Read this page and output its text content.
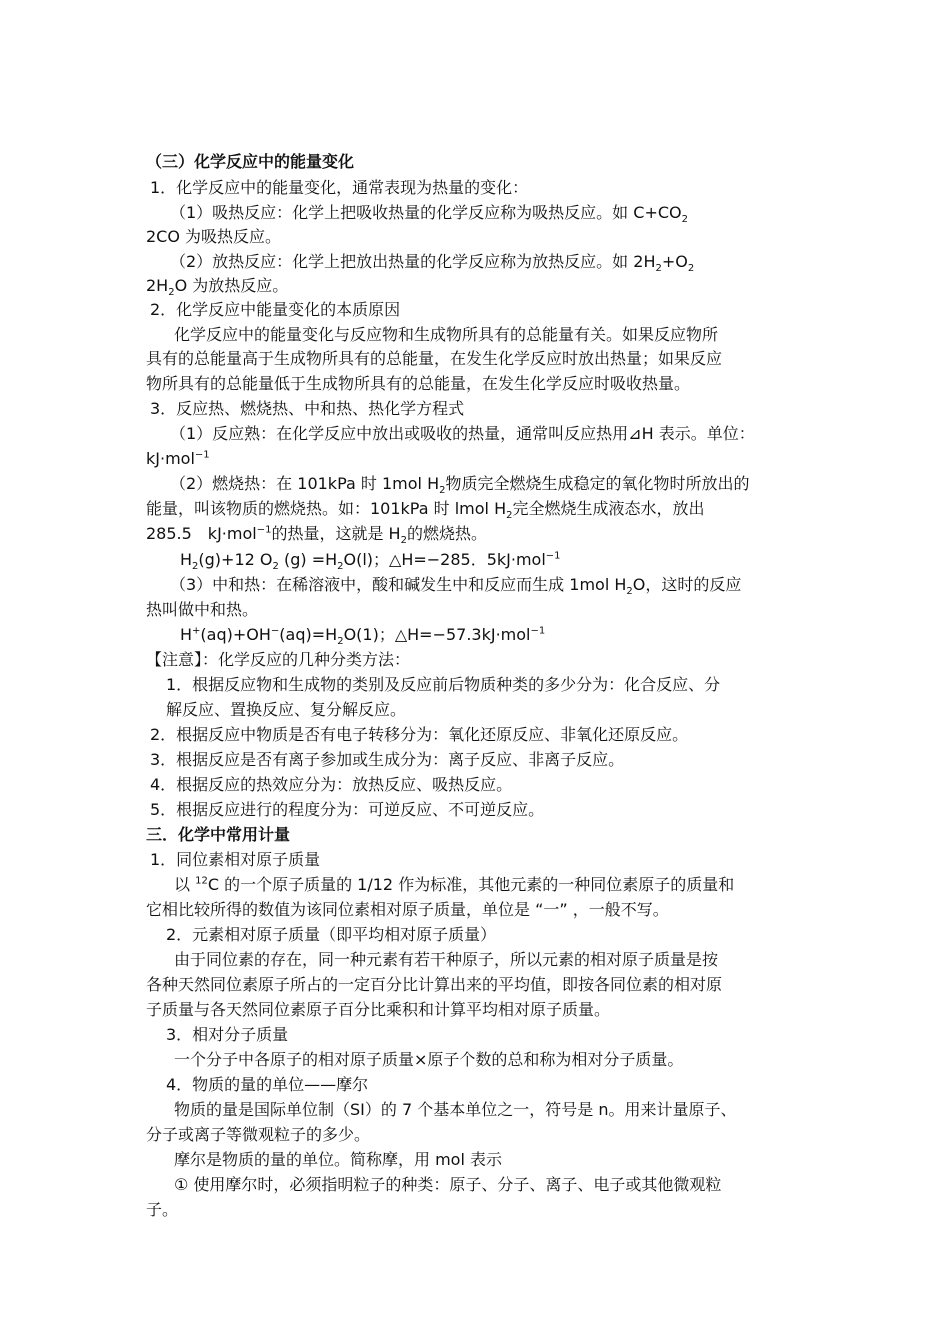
（三）化学反应中的能量变化
1．化学反应中的能量变化，通常表现为热量的变化：
（1）吸热反应：化学上把吸收热量的化学反应称为吸热反应。如 $C+CO_2$
2CO 为吸热反应。
（2）放热反应：化学上把放出热量的化学反应称为放热反应。如 $2H_2+O_2$
$2H_2O$ 为放热反应。
2．化学反应中能量变化的本质原因
化学反应中的能量变化与反应物和生成物所具有的总能量有关。如果反应物所
具有的总能量高于生成物所具有的总能量，在发生化学反应时放出热量；如果反应
物所具有的总能量低于生成物所具有的总能量，在发生化学反应时吸收热量。
3．反应热、燃烧热、中和热、热化学方程式
（1）反应熟：在化学反应中放出或吸收的热量，通常叫反应热用⊿H 表示。单位：
kJ·mol$^{-1}$
（2）燃烧热：在 101kPa 时 1mol $H_2$物质完全燃烧生成稳定的氧化物时所放出的
能量，叫该物质的燃烧热。如：101kPa 时 lmol $H_2$完全燃烧生成液态水，放出
285.5　kJ·mol$^{-1}$的热量，这就是 $H_2$的燃烧热。
$H_2(g)+12$ $O_2$ $(g) =H_2O(l)$；△H=−285．5kJ·mol$^{-1}$
（3）中和热：在稀溶液中，酸和碱发生中和反应而生成 1mol $H_2O$，这时的反应
热叫做中和热。
$H^+(aq)+OH^-(aq)=H_2O(1)$；△H=−57.3kJ·mol$^{-1}$
【注意】：化学反应的几种分类方法：
1．根据反应物和生成物的类别及反应前后物质种类的多少分为：化合反应、分
解反应、置换反应、复分解反应。
2．根据反应中物质是否有电子转移分为：氧化还原反应、非氧化还原反应。
3．根据反应是否有离子参加或生成分为：离子反应、非离子反应。
4．根据反应的热效应分为：放热反应、吸热反应。
5．根据反应进行的程度分为：可逆反应、不可逆反应。
三．化学中常用计量
1．同位素相对原子质量
以 $^{12}$C 的一个原子质量的 1/12 作为标准，其他元素的一种同位素原子的质量和
它相比较所得的数值为该同位素相对原子质量，单位是 “一” ，一般不写。
2．元素相对原子质量（即平均相对原子质量）
由于同位素的存在，同一种元素有若干种原子，所以元素的相对原子质量是按
各种天然同位素原子所占的一定百分比计算出来的平均值，即按各同位素的相对原
子质量与各天然同位素原子百分比乘积和计算平均相对原子质量。
3．相对分子质量
一个分子中各原子的相对原子质量×原子个数的总和称为相对分子质量。
4．物质的量的单位——摩尔
物质的量是国际单位制（SI）的 7 个基本单位之一，符号是 n。用来计量原子、
分子或离子等微观粒子的多少。
摩尔是物质的量的单位。简称摩，用 mol 表示
① 使用摩尔时，必须指明粒子的种类：原子、分子、离子、电子或其他微观粒
子。
